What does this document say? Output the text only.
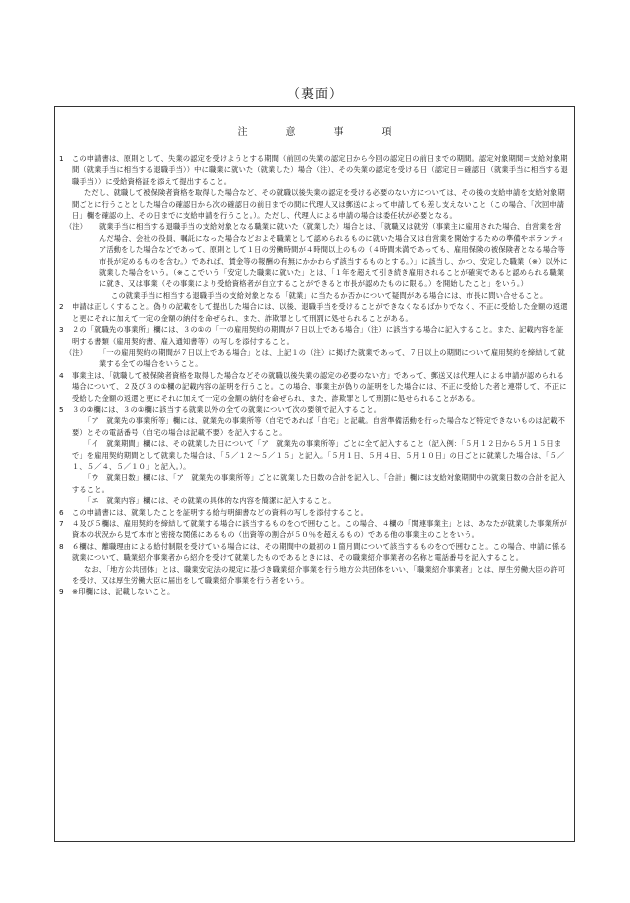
（裏面）
注　意　事　項
1	この申請書は、原則として、失業の認定を受けようとする期間（前回の失業の認定日から今回の認定日の前日までの期間。認定対象期間＝支給対象期間（就業手当に相当する退職手当））中に職業に就いた（就業した）場合（注）、その失業の認定を受ける日（認定日＝確認日（就業手当に相当する退職手当））に受給資格証を添えて提出すること。

ただし、就職して被保険者資格を取得した場合など、その就職以後失業の認定を受ける必要のない方については、その後の支給申請を支給対象期間ごとに行うこととした場合の確認日から次の確認日の前日までの間に代理人又は郵送によって申請しても差し支えないこと（この場合、「次回申請日」欄を確認の上、その日までに支給申請を行うこと。）。ただし、代理人による申請の場合は委任状が必要となる。

（注）	就業手当に相当する退職手当の支給対象となる職業に就いた（就業した）場合とは、「就職又は就労（事業主に雇用された場合、自営業を営んだ場合、会社の役員、嘱託になった場合などおよそ職業として認められるものに就いた場合又は自営業を開始するための準備やボランティア活動をした場合などであって、原則として１日の労働時間が４時間以上のもの（４時間未満であっても、雇用保険の被保険者となる場合等市長が定めるものを含む。）であれば、賃金等の報酬の有無にかかわらず該当するものとする。）」に該当し、かつ、安定した職業（※）以外に就業した場合をいう。（※ここでいう「安定した職業に就いた」とは、「１年を超えて引き続き雇用されることが確実であると認められる職業に就き、又は事業（その事業により受給資格者が自立することができると市長が認めたものに限る。）を開始したこと」をいう。）

この就業手当に相当する退職手当の支給対象となる「就業」に当たるか否かについて疑問がある場合には、市長に問い合せること。

2	申請は正しくすること。偽りの記載をして提出した場合には、以後、退職手当を受けることができなくなるばかりでなく、不正に受給した金額の返還と更にそれに加えて一定の金額の納付を命ぜられ、また、詐欺罪として刑罰に処せられることがある。
3	２の「就職先の事業所」欄には、３の①の「一の雇用契約の期間が７日以上である場合」（注）に該当する場合に記入すること。また、記載内容を証明する書類（雇用契約書、雇入通知書等）の写しを添付すること。
（注）	「一の雇用契約の期間が７日以上である場合」とは、上記１の（注）に掲げた就業であって、７日以上の期間について雇用契約を締結して就業する全ての場合をいうこと。
4	事業主は、「就職して被保険者資格を取得した場合などその就職以後失業の認定の必要のない方」であって、郵送又は代理人による申請が認められる場合について、２及び３の①欄の記載内容の証明を行うこと。この場合、事業主が偽りの証明をした場合には、不正に受給した者と連帯して、不正に受給した金額の返還と更にそれに加えて一定の金額の納付を命ぜられ、また、詐欺罪として刑罰に処せられることがある。
5	３の②欄には、３の①欄に該当する就業以外の全ての就業について次の要領で記入すること。

「ア　就業先の事業所等」欄には、就業先の事業所等（自宅であれば「自宅」と記載。自営準備活動を行った場合など特定できないものは記載不要）とその電話番号（自宅の場合は記載不要）を記入すること。

「イ　就業期間」欄には、その就業した日について「ア　就業先の事業所等」ごとに全て記入すること（記入例：「５月１２日から５月１５日まで」を雇用契約期間として就業した場合は、「５／１２～５／１５」と記入。「５月１日、５月４日、５月１０日」の日ごとに就業した場合は、「５／１、５／４、５／１０」と記入。）。

「ウ　就業日数」欄には、「ア　就業先の事業所等」ごとに就業した日数の合計を記入し、「合計」欄には支給対象期間中の就業日数の合計を記入すること。

「エ　就業内容」欄には、その就業の具体的な内容を簡潔に記入すること。

6	この申請書には、就業したことを証明する給与明細書などの資料の写しを添付すること。
7	４及び５欄は、雇用契約を締結して就業する場合に該当するものを○で囲むこと。この場合、４欄の「関連事業主」とは、あなたが就業した事業所が資本の状況から見て本市と密接な関係にあるもの（出資等の割合が５０％を超えるもの）である他の事業主のことをいう。
8	６欄は、離職理由による給付制限を受けている場合には、その期間中の最初の１箇月間について該当するものを○で囲むこと。この場合、申請に係る就業について、職業紹介事業者から紹介を受けて就業したものであるときには、その職業紹介事業者の名称と電話番号を記入すること。

なお、「地方公共団体」とは、職業安定法の規定に基づき職業紹介事業を行う地方公共団体をいい、「職業紹介事業者」とは、厚生労働大臣の許可を受け、又は厚生労働大臣に届出をして職業紹介事業を行う者をいう。

9	※印欄には、記載しないこと。
